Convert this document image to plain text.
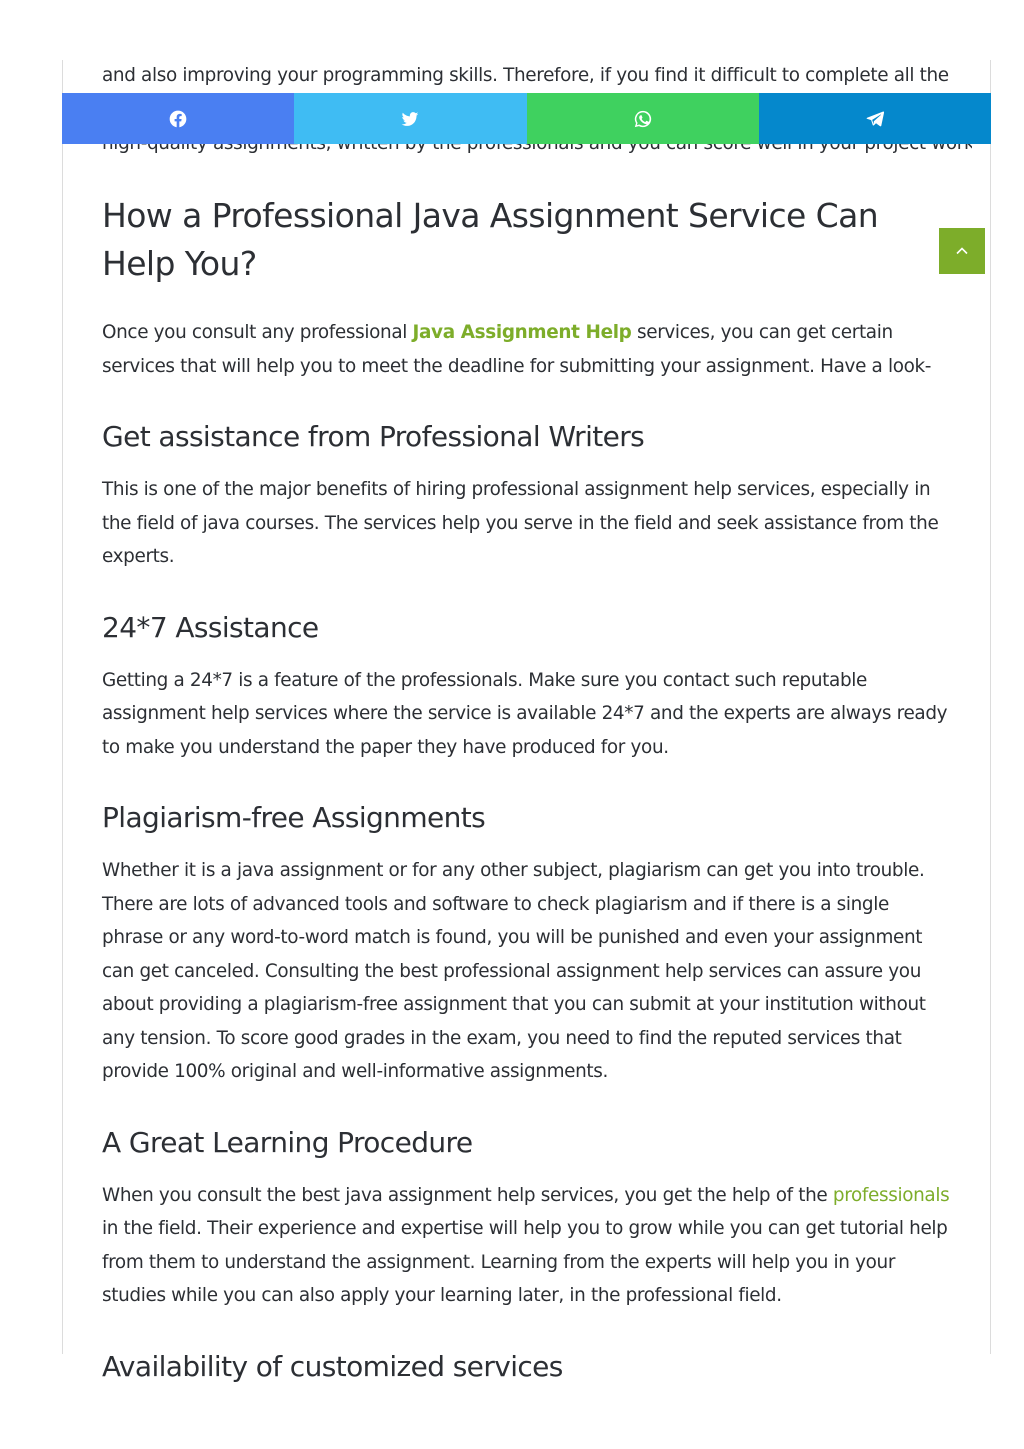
and also improving your programming skills. Therefore, if you find it difficult to complete all the

How a Professional Java Assignment Service Can Help You?

Once you consult any professional Java Assignment Help services, you can get certain services that will help you to meet the deadline for submitting your assignment. Have a look-

Get assistance from Professional Writers

This is one of the major benefits of hiring professional assignment help services, especially in the field of java courses. The services help you serve in the field and seek assistance from the experts.

24*7 Assistance

Getting a 24*7 is a feature of the professionals. Make sure you contact such reputable assignment help services where the service is available 24*7 and the experts are always ready to make you understand the paper they have produced for you.

Plagiarism-free Assignments

Whether it is a java assignment or for any other subject, plagiarism can get you into trouble. There are lots of advanced tools and software to check plagiarism and if there is a single phrase or any word-to-word match is found, you will be punished and even your assignment can get canceled. Consulting the best professional assignment help services can assure you about providing a plagiarism-free assignment that you can submit at your institution without any tension. To score good grades in the exam, you need to find the reputed services that provide 100% original and well-informative assignments.

A Great Learning Procedure

When you consult the best java assignment help services, you get the help of the professionals in the field. Their experience and expertise will help you to grow while you can get tutorial help from them to understand the assignment. Learning from the experts will help you in your studies while you can also apply your learning later, in the professional field.

Availability of customized services
